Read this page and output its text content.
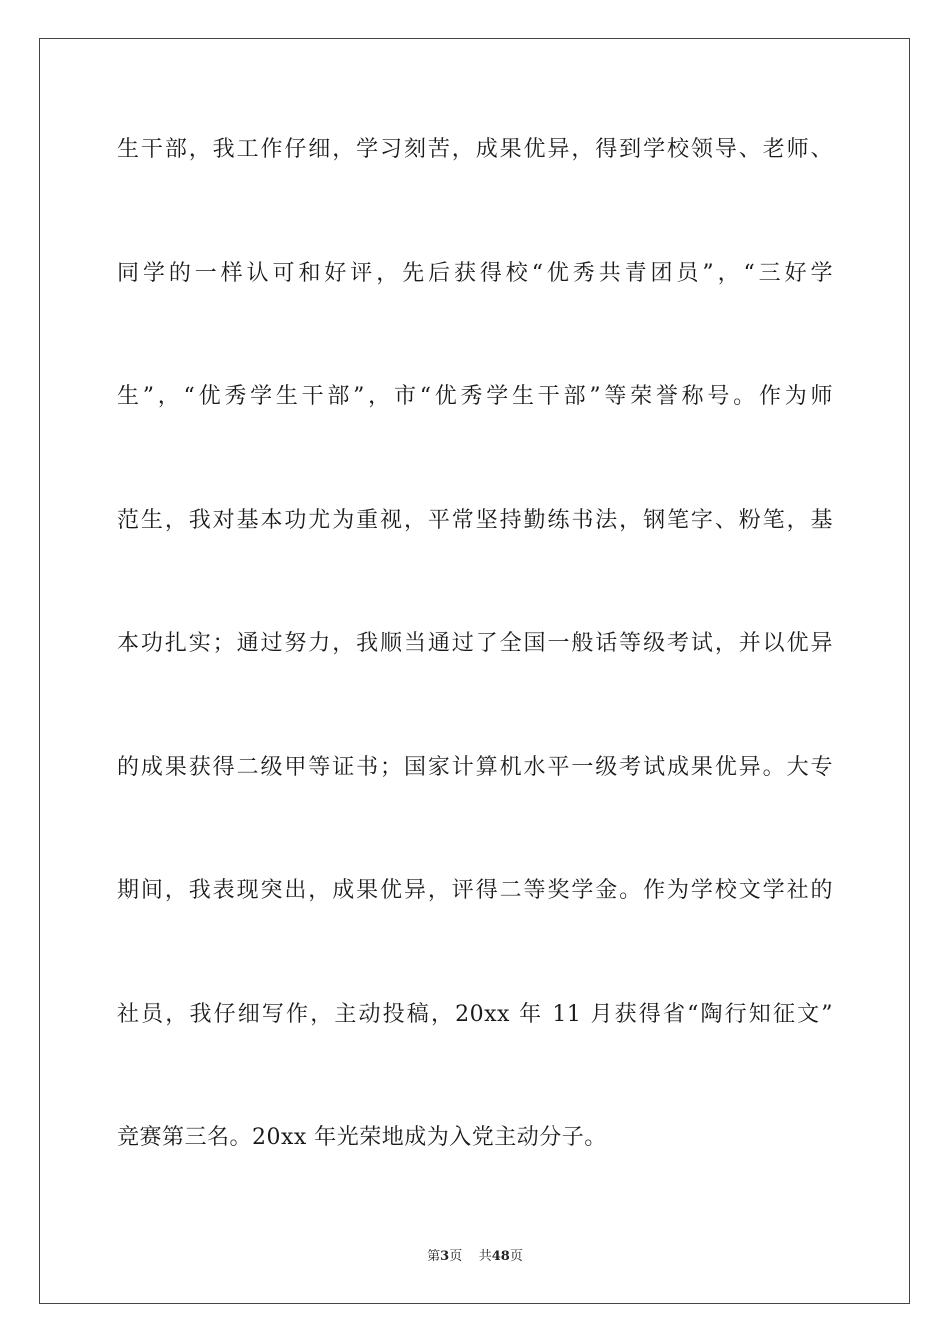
生干部，我工作仔细，学习刻苦，成果优异，得到学校领导、老师、
同学的一样认可和好评，先后获得校“优秀共青团员”，“三好学
生”，“优秀学生干部”，市“优秀学生干部”等荣誉称号。作为师
范生，我对基本功尤为重视，平常坚持勤练书法，钢笔字、粉笔，基
本功扎实；通过努力，我顺当通过了全国一般话等级考试，并以优异
的成果获得二级甲等证书；国家计算机水平一级考试成果优异。大专
期间，我表现突出，成果优异，评得二等奖学金。作为学校文学社的
社员，我仔细写作，主动投稿，20xx 年 11 月获得省“陶行知征文”
竞赛第三名。20xx 年光荣地成为入党主动分子。
第3页 共48页
